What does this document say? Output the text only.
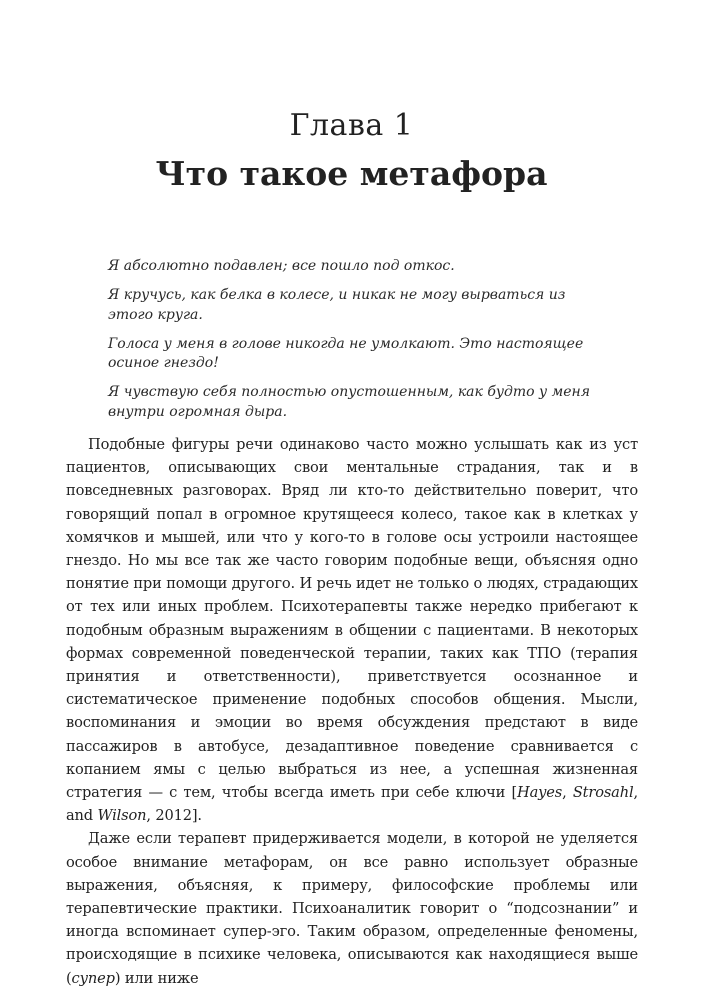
Глава 1
Что такое метафора

Я абсолютно подавлен; все пошло под откос.

Я кручусь, как белка в колесе, и никак не могу вырваться из этого круга.

Голоса у меня в голове никогда не умолкают. Это настоящее осиное гнездо!

Я чувствую себя полностью опустошенным, как будто у меня внутри огромная дыра.

Подобные фигуры речи одинаково часто можно услышать как из уст пациентов, описывающих свои ментальные страдания, так и в повседневных разговорах. Вряд ли кто-то действительно поверит, что говорящий попал в огромное крутящееся колесо, такое как в клетках у хомячков и мышей, или что у кого-то в голове осы устроили настоящее гнездо. Но мы все так же часто говорим подобные вещи, объясняя одно понятие при помощи другого. И речь идет не только о людях, страдающих от тех или иных проблем. Психотерапевты также нередко прибегают к подобным образным выражениям в общении с пациентами. В некоторых формах современной поведенческой терапии, таких как ТПО (терапия принятия и ответственности), приветствуется осознанное и систематическое применение подобных способов общения. Мысли, воспоминания и эмоции во время обсуждения предстают в виде пассажиров в автобусе, дезадаптивное поведение сравнивается с копанием ямы с целью выбраться из нее, а успешная жизненная стратегия — с тем, чтобы всегда иметь при себе ключи [Hayes, Strosahl, and Wilson, 2012].

Даже если терапевт придерживается модели, в которой не уделяется особое внимание метафорам, он все равно использует образные выражения, объясняя, к примеру, философские проблемы или терапевтические практики. Психоаналитик говорит о “подсознании” и иногда вспоминает супер-эго. Таким образом, определенные феномены, происходящие в психике человека, описываются как находящиеся выше (супер) или ниже
